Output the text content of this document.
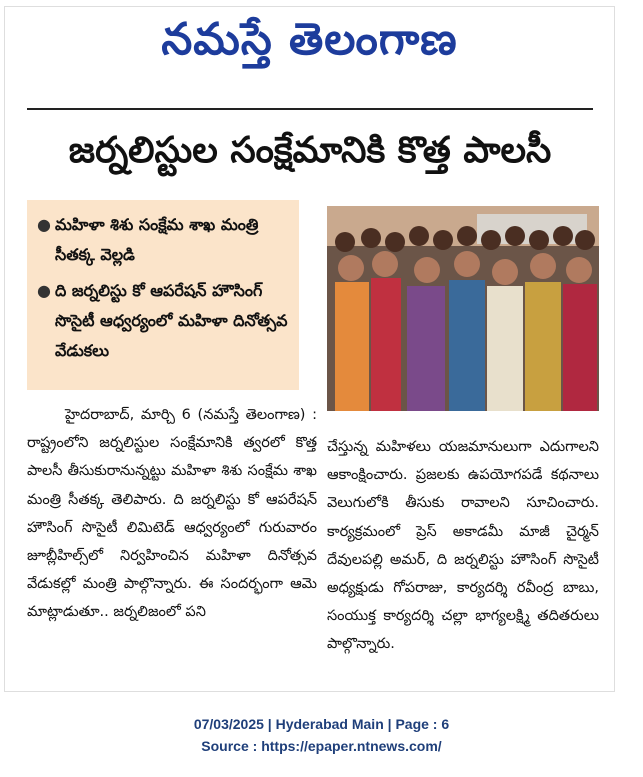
నమస్తే తెలంగాణ
జర్నలిస్టుల సంక్షేమానికి కొత్త పాలసీ
● మహిళా శిశు సంక్షేమ శాఖ మంత్రి సీతక్క వెల్లడి
● ది జర్నలిస్టు కో ఆపరేషన్ హౌసింగ్ సొసైటీ ఆధ్వర్యంలో మహిళా దినోత్సవ వేడుకలు
హైదరాబాద్, మార్చి 6 (నమస్తే తెలంగాణ) : రాష్ట్రంలోని జర్నలిస్టుల సంక్షేమానికి త్వరలో కొత్త పాలసీ తీసుకురానున్నట్టు మహిళా శిశు సంక్షేమ శాఖ మంత్రి సీతక్క తెలిపారు. ది జర్నలిస్టు కో ఆపరేషన్ హౌసింగ్ సొసైటీ లిమిటెడ్ ఆధ్వర్యంలో గురువారం జూబ్లీహిల్స్‌లో నిర్వహించిన మహిళా దినోత్సవ వేడుకల్లో మంత్రి పాల్గొన్నారు. ఈ సందర్భంగా ఆమె మాట్లాడుతూ.. జర్నలిజంలో పని
చేస్తున్న మహిళలు యజమానులుగా ఎదుగాలని ఆకాంక్షించారు. ప్రజలకు ఉపయోగపడే కథనాలు వెలుగులోకి తీసుకు రావాలని సూచించారు. కార్యక్రమంలో ప్రెస్ అకాడమీ మాజీ చైర్మన్ దేవులపల్లి అమర్, ది జర్నలిస్టు హౌసింగ్ సొసైటీ అధ్యక్షుడు గోపరాజు, కార్యదర్శి రవీంద్ర బాబు, సంయుక్త కార్యదర్శి చల్లా భాగ్యలక్ష్మి తదితరులు పాల్గొన్నారు.
07/03/2025 | Hyderabad Main | Page : 6
Source : https://epaper.ntnews.com/
